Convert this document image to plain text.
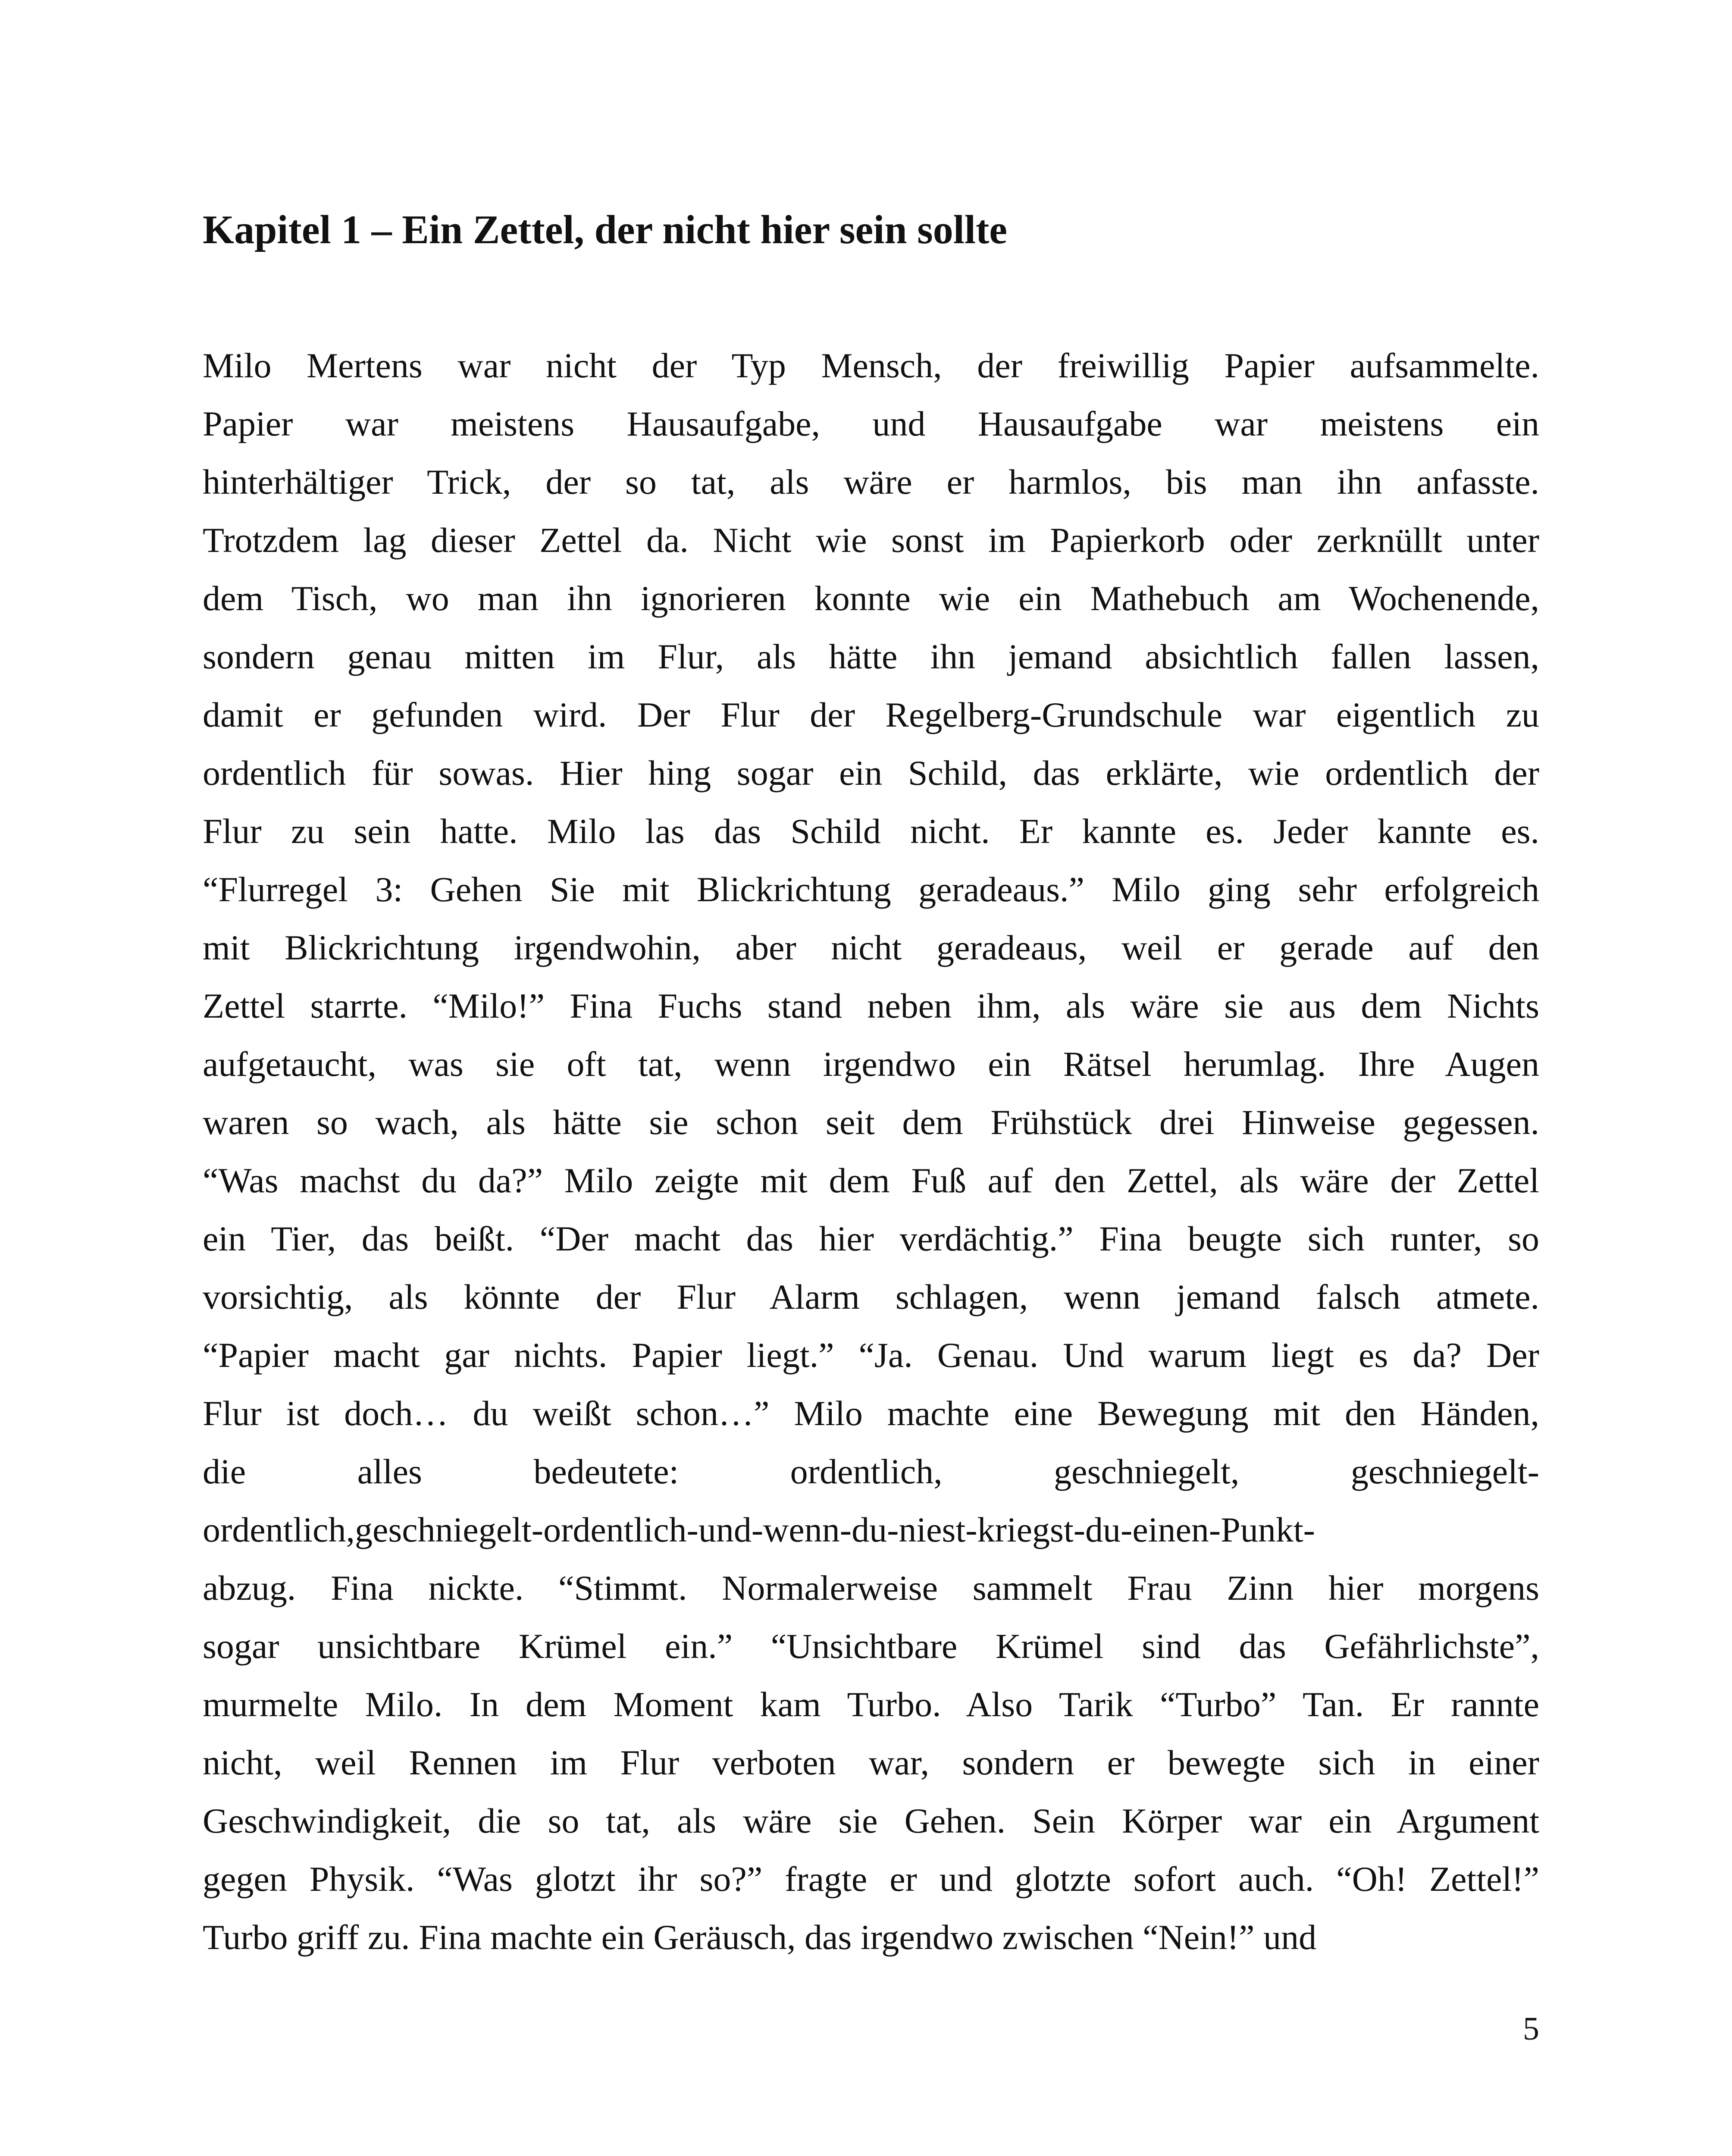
Kapitel 1 – Ein Zettel, der nicht hier sein sollte
Milo Mertens war nicht der Typ Mensch, der freiwillig Papier aufsammelte.
Papier war meistens Hausaufgabe, und Hausaufgabe war meistens ein
hinterhältiger Trick, der so tat, als wäre er harmlos, bis man ihn anfasste.
Trotzdem lag dieser Zettel da. Nicht wie sonst im Papierkorb oder zerknüllt unter
dem Tisch, wo man ihn ignorieren konnte wie ein Mathebuch am Wochenende,
sondern genau mitten im Flur, als hätte ihn jemand absichtlich fallen lassen,
damit er gefunden wird. Der Flur der Regelberg-Grundschule war eigentlich zu
ordentlich für sowas. Hier hing sogar ein Schild, das erklärte, wie ordentlich der
Flur zu sein hatte. Milo las das Schild nicht. Er kannte es. Jeder kannte es.
“Flurregel 3: Gehen Sie mit Blickrichtung geradeaus.” Milo ging sehr erfolgreich
mit Blickrichtung irgendwohin, aber nicht geradeaus, weil er gerade auf den
Zettel starrte. “Milo!” Fina Fuchs stand neben ihm, als wäre sie aus dem Nichts
aufgetaucht, was sie oft tat, wenn irgendwo ein Rätsel herumlag. Ihre Augen
waren so wach, als hätte sie schon seit dem Frühstück drei Hinweise gegessen.
“Was machst du da?” Milo zeigte mit dem Fuß auf den Zettel, als wäre der Zettel
ein Tier, das beißt. “Der macht das hier verdächtig.” Fina beugte sich runter, so
vorsichtig, als könnte der Flur Alarm schlagen, wenn jemand falsch atmete.
“Papier macht gar nichts. Papier liegt.” “Ja. Genau. Und warum liegt es da? Der
Flur ist doch… du weißt schon…” Milo machte eine Bewegung mit den Händen,
die alles bedeutete: ordentlich, geschniegelt, geschniegelt-
ordentlich,geschniegelt-ordentlich-und-wenn-du-niest-kriegst-du-einen-Punkt-
abzug. Fina nickte. “Stimmt. Normalerweise sammelt Frau Zinn hier morgens
sogar unsichtbare Krümel ein.” “Unsichtbare Krümel sind das Gefährlichste”,
murmelte Milo. In dem Moment kam Turbo. Also Tarik “Turbo” Tan. Er rannte
nicht, weil Rennen im Flur verboten war, sondern er bewegte sich in einer
Geschwindigkeit, die so tat, als wäre sie Gehen. Sein Körper war ein Argument
gegen Physik. “Was glotzt ihr so?” fragte er und glotzte sofort auch. “Oh! Zettel!”
Turbo griff zu. Fina machte ein Geräusch, das irgendwo zwischen “Nein!” und
5
